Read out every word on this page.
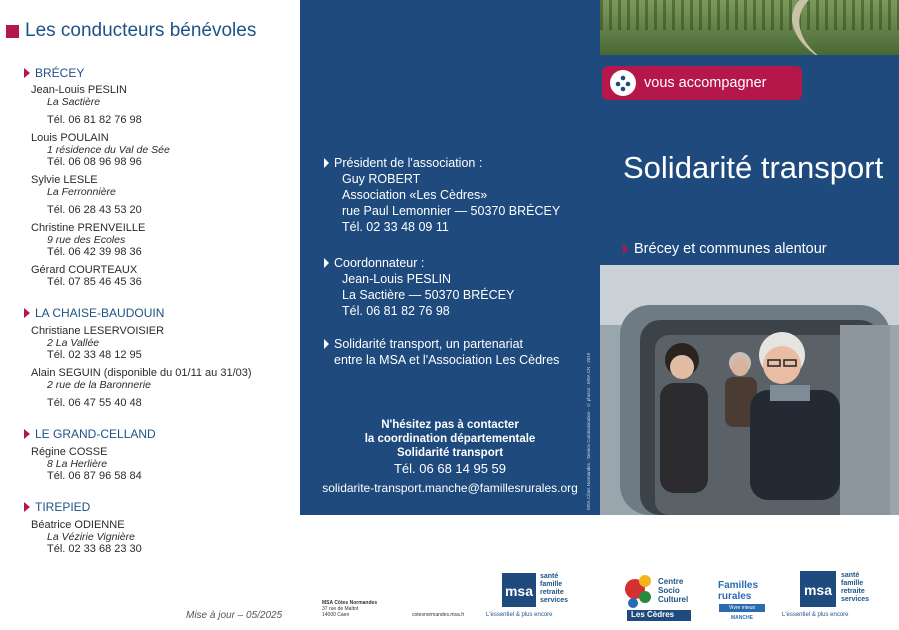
Les conducteurs bénévoles
BRÉCEY
Jean-Louis PESLIN
La Sactière
Tél. 06 81 82 76 98
Louis POULAIN
1 résidence du Val de Sée
Tél. 06 08 96 98 96
Sylvie LESLE
La Ferronnière
Tél. 06 28 43 53 20
Christine PRENVEILLE
9 rue des Ecoles
Tél. 06 42 39 98 36
Gérard COURTEAUX
Tél. 07 85 46 45 36
LA CHAISE-BAUDOUIN
Christiane LESERVOISIER
2 La Vallée
Tél. 02 33 48 12 95
Alain SEGUIN (disponible du 01/11 au 31/03)
2 rue de la Baronnerie
Tél. 06 47 55 40 48
LE GRAND-CELLAND
Régine COSSE
8 La Herlière
Tél. 06 87 96 58 84
TIREPIED
Béatrice ODIENNE
La Vézirie Vignière
Tél. 02 33 68 23 30
Mise à jour – 05/2025
Président de l'association :
Guy ROBERT
Association «Les Cèdres»
rue Paul Lemonnier — 50370 BRÉCEY
Tél. 02 33 48 09 11
Coordonnateur :
Jean-Louis PESLIN
La Sactière — 50370 BRÉCEY
Tél. 06 81 82 76 98
Solidarité transport, un partenariat
entre la MSA et l'Association Les Cèdres
N'hésitez pas à contacter
la coordination départementale
Solidarité transport
Tél. 06 68 14 95 59
solidarite-transport.manche@famillesrurales.org	MSA Côtes Normandes · Service Communication · © photos : MSA CN · 2019
vous accompagner
Solidarité transport
Brécey et communes alentour
MSA Côtes Normandes
37 rue de Maltot
14000 Caen	cotesnormandes.msa.fr
msa
santé
famille
retraite
services
L'essentiel & plus encore
Centre
Socio
Culturel
Les Cèdres
Familles
rurales
Vivre mieux
MANCHE
msa
santé
famille
retraite
services
L'essentiel & plus encore
